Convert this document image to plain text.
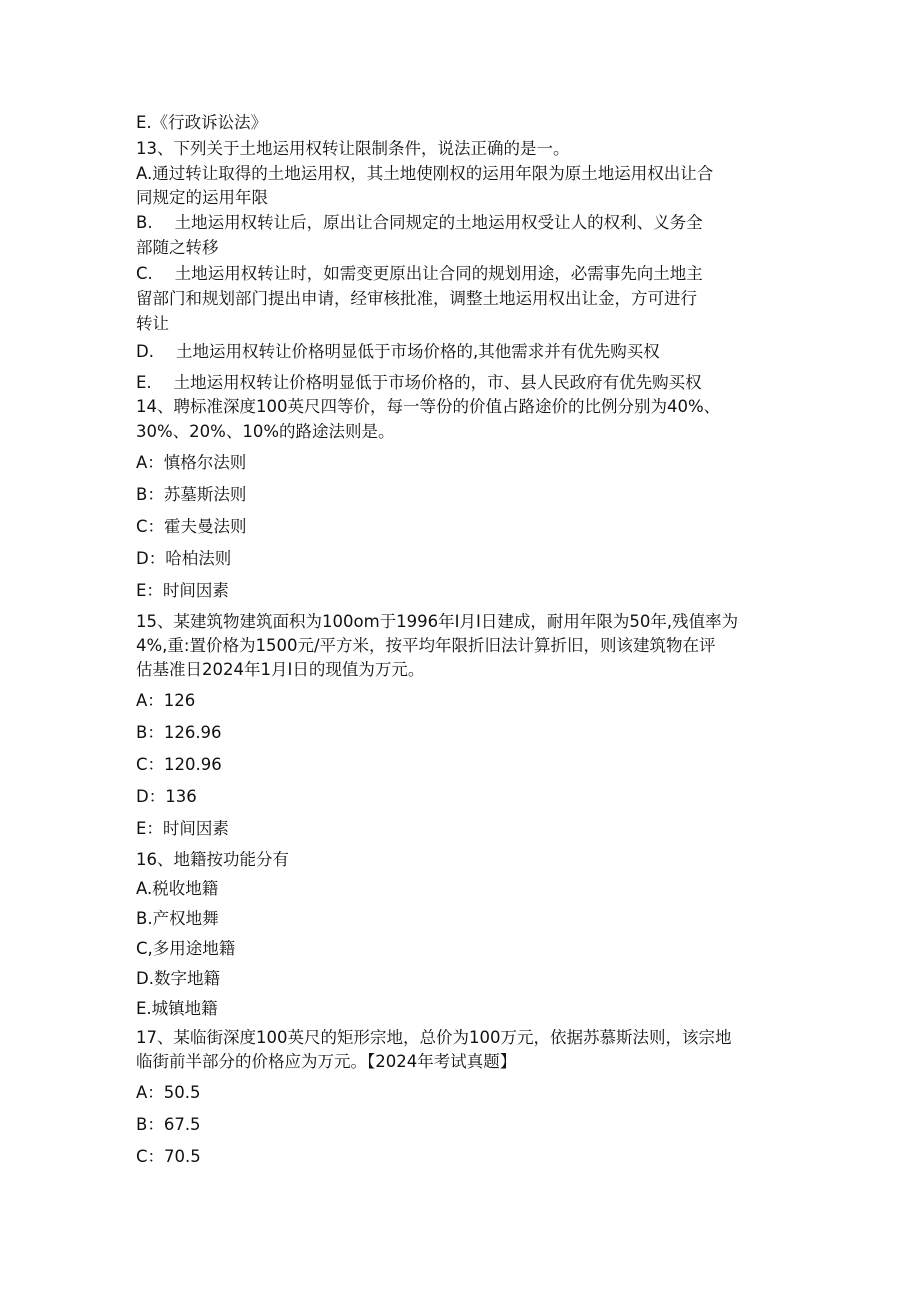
E.《行政诉讼法》
13、下列关于土地运用权转让限制条件，说法正确的是一。
A.通过转让取得的土地运用权，其土地使刚权的运用年限为原土地运用权出让合
同规定的运用年限
B. 土地运用权转让后，原出让合同规定的土地运用权受让人的权利、义务全
部随之转移
C. 土地运用权转让时，如需变更原出让合同的规划用途，必需事先向土地主
留部门和规划部门提出申请，经审核批准，调整土地运用权出让金，方可进行
转让
D. 土地运用权转让价格明显低于市场价格的,其他需求并有优先购买权
E. 土地运用权转让价格明显低于市场价格的，市、县人民政府有优先购买权
14、聘标准深度100英尺四等价，每一等份的价值占路途价的比例分别为40%、
30%、20%、10%的路途法则是。
A：慎格尔法则
B：苏墓斯法则
C：霍夫曼法则
D：哈柏法则
E：时间因素
15、某建筑物建筑面积为100om于1996年I月I日建成，耐用年限为50年,残值率为
4%,重:置价格为1500元/平方米，按平均年限折旧法计算折旧，则该建筑物在评
估基准日2024年1月I日的现值为万元。
A：126
B：126.96
C：120.96
D：136
E：时间因素
16、地籍按功能分有
A.税收地籍
B.产权地舞
C,多用途地籍
D.数字地籍
E.城镇地籍
17、某临街深度100英尺的矩形宗地，总价为100万元，依据苏慕斯法则，该宗地
临街前半部分的价格应为万元。【2024年考试真题】
A：50.5
B：67.5
C：70.5
